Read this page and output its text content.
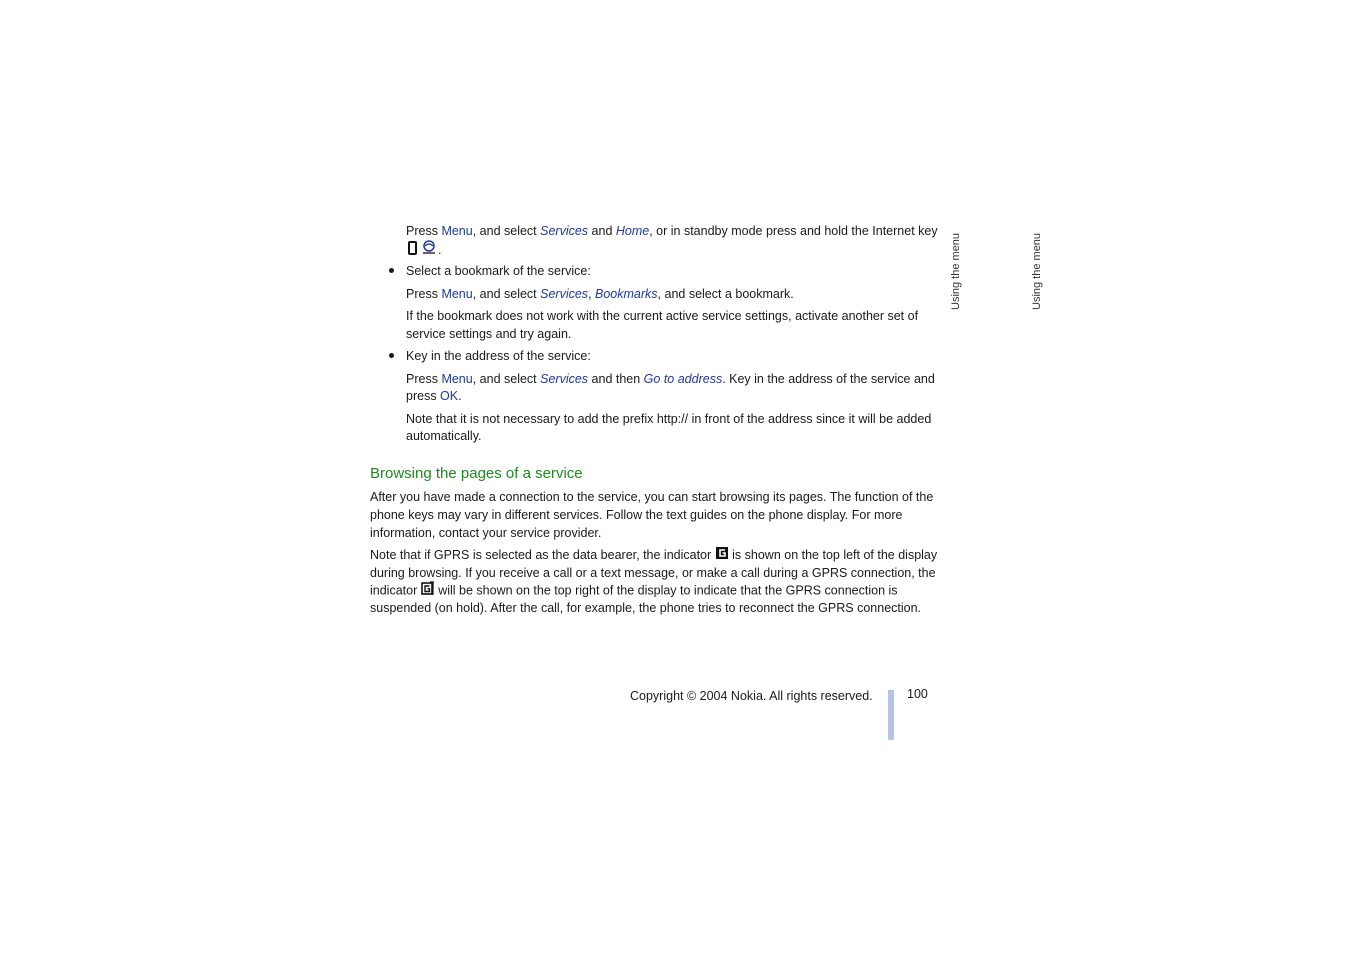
Press Menu, and select Services and Home, or in standby mode press and hold the Internet key
.
Select a bookmark of the service:
Press Menu, and select Services, Bookmarks, and select a bookmark.
If the bookmark does not work with the current active service settings, activate another set of
service settings and try again.
Key in the address of the service:
Press Menu, and select Services and then Go to address. Key in the address of the service and
press OK.
Note that it is not necessary to add the prefix http:// in front of the address since it will be added
automatically.
Browsing the pages of a service
After you have made a connection to the service, you can start browsing its pages. The function of the
phone keys may vary in different services. Follow the text guides on the phone display. For more
information, contact your service provider.
Note that if GPRS is selected as the data bearer, the indicator is shown on the top left of the display
during browsing. If you receive a call or a text message, or make a call during a GPRS connection, the
indicator will be shown on the top right of the display to indicate that the GPRS connection is
suspended (on hold). After the call, for example, the phone tries to reconnect the GPRS connection.
Using the menu	Using the menu
Copyright © 2004 Nokia. All rights reserved.	100
